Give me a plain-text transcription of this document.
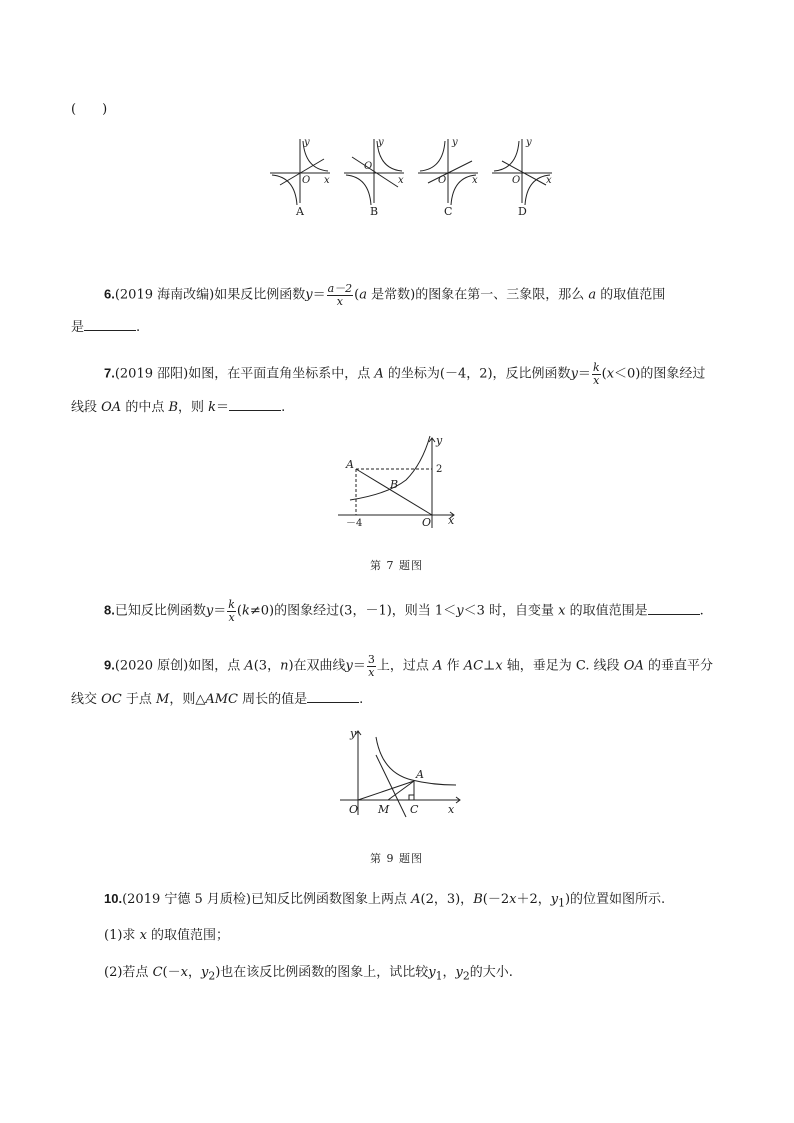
(　　)
y
O x
y
O
x
y
O	x
y
O	x
A	B	C	D
6.(2019 海南改编)如果反比例函数$y= \frac{a-2}{x} (a$ 是常数)的图象在第一、三象限，那么 a 的取值范围
是	.
7.(2019 邵阳)如图，在平面直角坐标系中，点 A 的坐标为(－4，2)，反比例函数$y= \frac{k}{x} (x<0)$的图象经过
线段 OA 的中点 B，则 k＝	.
A
B
O x
y
2
－4
第 7 题图
8.已知反比例函数$y= \frac{k}{x} (k\ne 0)$的图象经过(3，－1)，则当 1＜y＜3 时，自变量 x 的取值范围是	.
9.(2020 原创)如图，点 A(3，n)在双曲线$y= \frac{3}{x}$ 上，过点 A 作 AC⊥x 轴，垂足为 C. 线段 OA 的垂直平分
线交 OC 于点 M，则△AMC 周长的值是	.
A
O M C	x
y
第 9 题图
10.(2019 宁德 5 月质检)已知反比例函数图象上两点 A(2，3)，B(－2x＋2，$y_1$)的位置如图所示.
(1)求 x 的取值范围；
(2)若点 C(－x，$y_2$)也在该反比例函数的图象上，试比较$y_1$，$y_2$的大小.
